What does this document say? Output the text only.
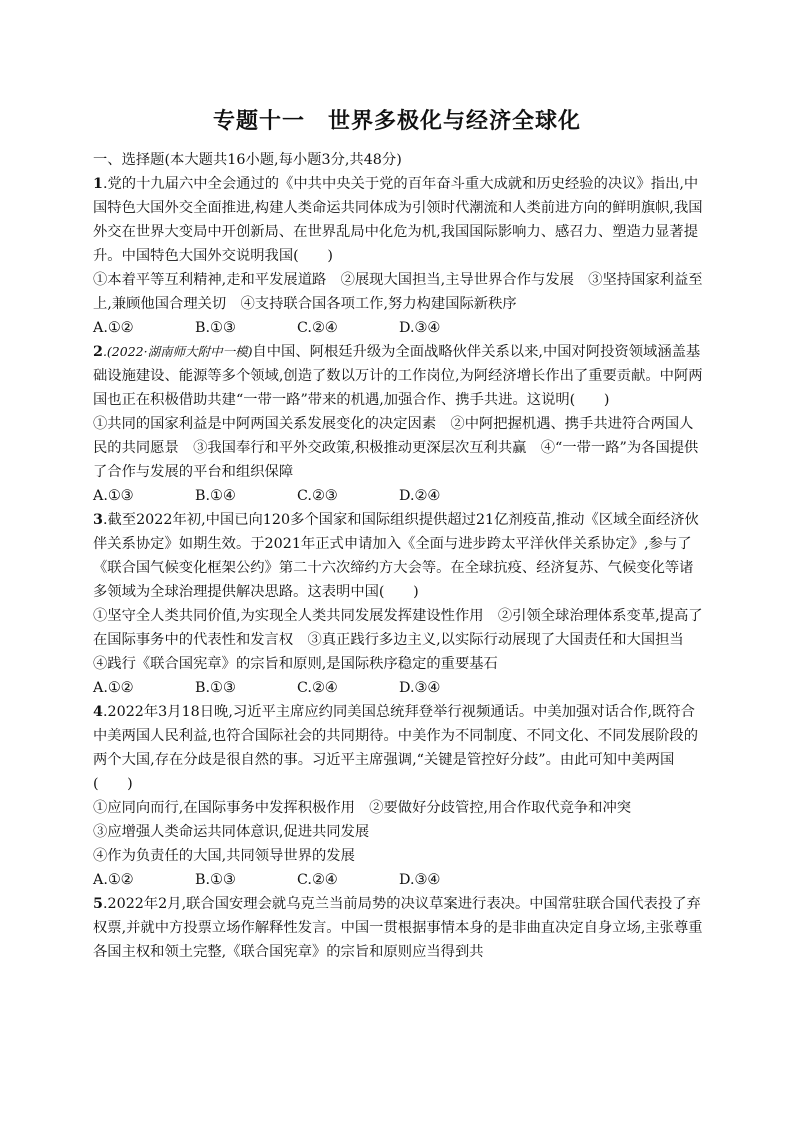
专题十一　世界多极化与经济全球化

一、选择题(本大题共16小题,每小题3分,共48分)

1.党的十九届六中全会通过的《中共中央关于党的百年奋斗重大成就和历史经验的决议》指出,中国特色大国外交全面推进,构建人类命运共同体成为引领时代潮流和人类前进方向的鲜明旗帜,我国外交在世界大变局中开创新局、在世界乱局中化危为机,我国国际影响力、感召力、塑造力显著提升。中国特色大国外交说明我国(　　)

①本着平等互利精神,走和平发展道路　②展现大国担当,主导世界合作与发展　③坚持国家利益至上,兼顾他国合理关切　④支持联合国各项工作,努力构建国际新秩序

A.①②	B.①③	C.②④	D.③④

2.(2022·湖南师大附中一模)自中国、阿根廷升级为全面战略伙伴关系以来,中国对阿投资领域涵盖基础设施建设、能源等多个领域,创造了数以万计的工作岗位,为阿经济增长作出了重要贡献。中阿两国也正在积极借助共建“一带一路”带来的机遇,加强合作、携手共进。这说明(　　)

①共同的国家利益是中阿两国关系发展变化的决定因素　②中阿把握机遇、携手共进符合两国人民的共同愿景　③我国奉行和平外交政策,积极推动更深层次互利共赢　④“一带一路”为各国提供了合作与发展的平台和组织保障

A.①③	B.①④	C.②③	D.②④

3.截至2022年初,中国已向120多个国家和国际组织提供超过21亿剂疫苗,推动《区域全面经济伙伴关系协定》如期生效。于2021年正式申请加入《全面与进步跨太平洋伙伴关系协定》,参与了《联合国气候变化框架公约》第二十六次缔约方大会等。在全球抗疫、经济复苏、气候变化等诸多领域为全球治理提供解决思路。这表明中国(　　)

①坚守全人类共同价值,为实现全人类共同发展发挥建设性作用　②引领全球治理体系变革,提高了在国际事务中的代表性和发言权　③真正践行多边主义,以实际行动展现了大国责任和大国担当　④践行《联合国宪章》的宗旨和原则,是国际秩序稳定的重要基石

A.①②	B.①③	C.②④	D.③④

4.2022年3月18日晚,习近平主席应约同美国总统拜登举行视频通话。中美加强对话合作,既符合中美两国人民利益,也符合国际社会的共同期待。中美作为不同制度、不同文化、不同发展阶段的两个大国,存在分歧是很自然的事。习近平主席强调,“关键是管控好分歧”。由此可知中美两国(　　)

①应同向而行,在国际事务中发挥积极作用　②要做好分歧管控,用合作取代竞争和冲突

③应增强人类命运共同体意识,促进共同发展

④作为负责任的大国,共同领导世界的发展

A.①②	B.①③	C.②④	D.③④

5.2022年2月,联合国安理会就乌克兰当前局势的决议草案进行表决。中国常驻联合国代表投了弃权票,并就中方投票立场作解释性发言。中国一贯根据事情本身的是非曲直决定自身立场,主张尊重各国主权和领土完整,《联合国宪章》的宗旨和原则应当得到共
